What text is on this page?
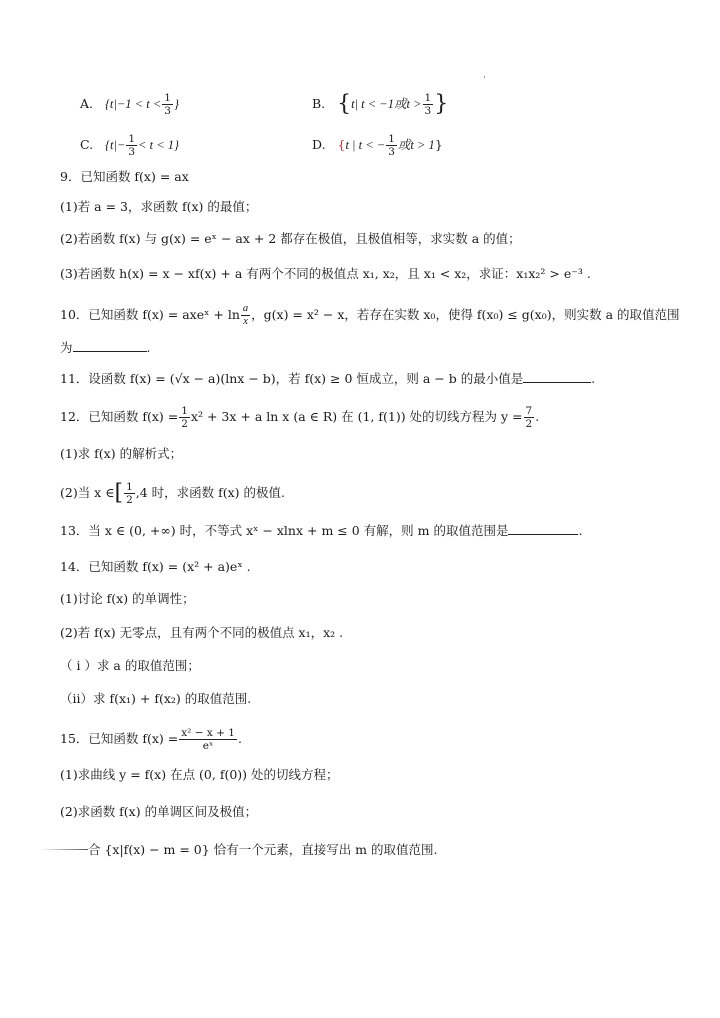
A. {$t|-1 < t < \frac{1}{3}$ }	B. {t| t < −1或$t > \frac{1}{3}$ }
C. $\{t|- \frac{1}{3} < t < 1\}$	D. {t | t < − $\frac{1}{3}$ 或t > 1}
9．已知函数 f(x) = ax
(1)若 a = 3，求函数 f(x) 的最值；
(2)若函数 f(x) 与 g(x) = eˣ − ax + 2 都存在极值，且极值相等，求实数 a 的值；
(3)若函数 h(x) = x − xf(x) + a 有两个不同的极值点 x₁, x₂，且 x₁ < x₂，求证：x₁x₂² > e⁻³ .
10．已知函数 f(x) = axeˣ + $\ln \frac{a}{x}$ ，g(x) = x² − x，若存在实数 x₀，使得 f(x₀) ≤ g(x₀)，则实数 a 的取值范围
为	.
11．设函数 f(x) = (√x − a)(lnx − b)，若 f(x) ≥ 0 恒成立，则 a − b 的最小值是	.
12．已知函数 $f(x) = \frac{1}{2} x^2 + 3x + a$ ln x (a ∈ R) 在 (1, f(1)) 处的切线方程为 $y = \frac{7}{2}$ .
(1)求 f(x) 的解析式；
(2)当 x ∈[ $\frac{1}{2} ,4$ 时，求函数 f(x) 的极值.
13．当 x ∈ (0, +∞) 时，不等式 xˣ − xlnx + m ≤ 0 有解，则 m 的取值范围是	.
14．已知函数 f(x) = (x² + a)eˣ .
(1)讨论 f(x) 的单调性；
(2)若 f(x) 无零点，且有两个不同的极值点 x₁，x₂ .
（ i ）求 a 的取值范围；
（ii）求 f(x₁) + f(x₂) 的取值范围.
15．已知函数 $f(x) = \frac{\text{x² − x + 1}}{\text{eˣ}}$ .
(1)求曲线 y = f(x) 在点 (0, f(0)) 处的切线方程；
(2)求函数 f(x) 的单调区间及极值；
合 {x|f(x) − m = 0} 恰有一个元素，直接写出 m 的取值范围.
